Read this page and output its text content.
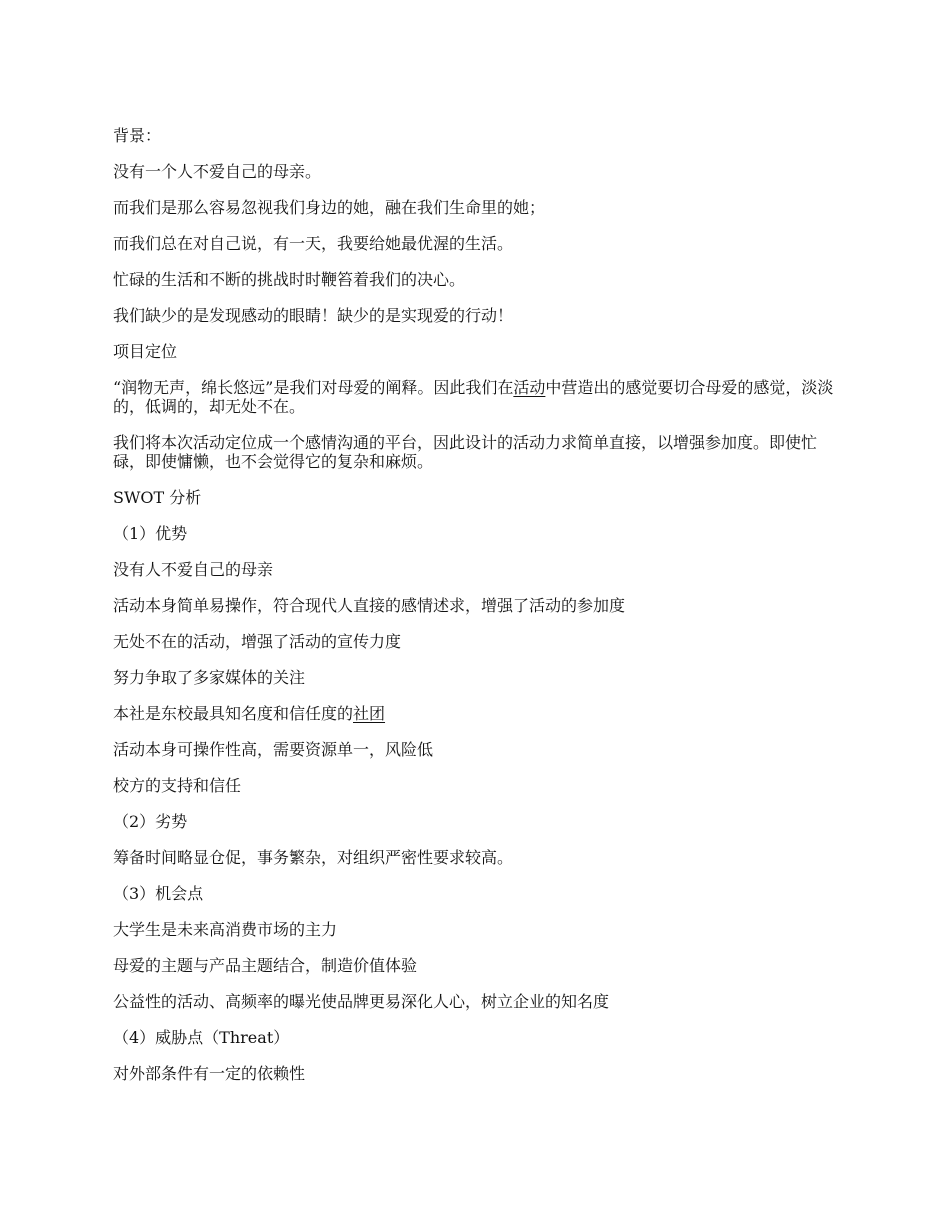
背景：

没有一个人不爱自己的母亲。

而我们是那么容易忽视我们身边的她，融在我们生命里的她；

而我们总在对自己说，有一天，我要给她最优渥的生活。

忙碌的生活和不断的挑战时时鞭笞着我们的决心。

我们缺少的是发现感动的眼睛！缺少的是实现爱的行动！

项目定位

“润物无声，绵长悠远”是我们对母爱的阐释。因此我们在活动中营造出的感觉要切合母爱的感觉，淡淡的，低调的，却无处不在。

我们将本次活动定位成一个感情沟通的平台，因此设计的活动力求简单直接，以增强参加度。即使忙碌，即使慵懒，也不会觉得它的复杂和麻烦。

SWOT 分析

（1）优势

没有人不爱自己的母亲

活动本身简单易操作，符合现代人直接的感情述求，增强了活动的参加度

无处不在的活动，增强了活动的宣传力度

努力争取了多家媒体的关注

本社是东校最具知名度和信任度的社团

活动本身可操作性高，需要资源单一，风险低

校方的支持和信任

（2）劣势

筹备时间略显仓促，事务繁杂，对组织严密性要求较高。

（3）机会点

大学生是未来高消费市场的主力

母爱的主题与产品主题结合，制造价值体验

公益性的活动、高频率的曝光使品牌更易深化人心，树立企业的知名度

（4）威胁点（Threat）

对外部条件有一定的依赖性
